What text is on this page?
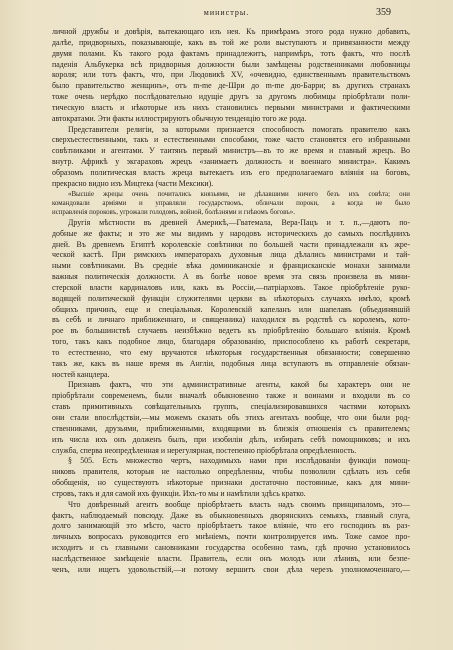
министры.	359
личной дружбы и довѣрія, вытекающаго изъ нея. Къ примѣрамъ этого рода нужно добавить,
далѣе, придворныхъ, показывающіе, какъ въ той же роли выступаютъ и привязанности между
двумя полами. Къ такого рода фактамъ принадлежитъ, напримѣръ, тотъ фактъ, что послѣ
паденія Альбукерка всѣ придворныя должности были замѣщены родственниками любовницы
короля; или тотъ фактъ, что, при Людовикѣ XV, «очевидно, единственнымъ правительствомъ
было правительство женщинъ», отъ m-me де-Шри до m-me дю-Барри; въ другихъ странахъ
тоже очень нерѣдко послѣдовательно идущіе другъ за другомъ любимцы пріобрѣтали поли-
тическую власть и нѣкоторые изъ нихъ становились первыми министрами и фактическими
автократами. Эти факты иллюстрируютъ обычную тенденцію того же рода.
Представители религіи, за которыми признается способность помогать правителю какъ
сверхъестественными, такъ и естественными способами, тоже часто становятся его избранными
совѣтниками и агентами. У таитянъ первый министръ—въ то же время и главный жрецъ. Во
внутр. Африкѣ у экгараховъ жрецъ «занимаетъ должность и военнаго министра». Какимъ
образомъ политическая власть жреца вытекаетъ изъ его предполагаемаго вліянія на боговъ,
прекрасно видно изъ Мицтека (части Мексики).
«Высшіе жрецы очень почитались князьями, не дѣлавшими ничего безъ ихъ совѣта; они
командовали арміями и управляли государствомъ, обличали пороки, а когда не было
исправленія пороковъ, угрожали голодомъ, войной, болѣзнями и гнѣвомъ боговъ».
Другія мѣстности въ древней Америкѣ,—Гватемала, Вера-Пацъ и т. п.,—даютъ по-
добные же факты; и это же мы видимъ у народовъ историческихъ до самыхъ послѣднихъ
дней. Въ древнемъ Египтѣ королевскіе совѣтники по большей части принадлежали къ жре-
ческой кастѣ. При римскихъ императорахъ духовныя лица дѣлались министрами и тай-
ными совѣтниками. Въ средніе вѣка доминиканскіе и францисканскіе монахи занимали
важныя политическія должности. А въ болѣе новое время эта связь произвела въ мини-
стерской власти кардиналовъ или, какъ въ Россіи,—патріарховъ. Такое пріобрѣтеніе руко-
водящей политической функціи служителями церкви въ нѣкоторыхъ случаяхъ имѣло, кромѣ
общихъ причинъ, еще и спеціальныя. Королевскій капеланъ или шапелавъ (объединявшій
въ себѣ и личнаго приближеннаго, и священника) находился въ родствѣ съ королемъ, кото-
рое въ большинствѣ случаевъ неизбѣжно ведетъ къ пріобрѣтенію большаго вліянія. Кромѣ
того, такъ какъ подобное лицо, благодаря образованію, приспособлено къ работѣ секретаря,
то естественно, что ему вручаются нѣкоторыя государственныя обязанности; совершенно
такъ же, какъ въ наше время въ Англіи, подобныя лица вступаютъ въ отправленіе обязан-
ностей канцлера.
Признавъ фактъ, что эти административные агенты, какой бы характеръ они не
пріобрѣтали современемъ, были вначалѣ обыкновенно также и воинами и входили въ со
ставъ примитивныхъ совѣщательныхъ группъ, спеціализировавшихся частями которыхъ
они стали впослѣдствіи,—мы можемъ сказать объ этихъ агентахъ вообще, что они были род-
ственниками, друзьями, приближенными, входящими въ близкія отношенія съ правителемъ;
изъ числа ихъ онъ долженъ былъ, при изобиліи дѣлъ, избирать себѣ помощниковъ; и ихъ
служба, сперва неопредѣленная и нерегулярная, постепенно пріобрѣтала опредѣленность.
§ 505. Есть множество чертъ, находимыхъ нами при изслѣдованіи функціи помощ-
никовъ правителя, которыя не настолько опредѣленны, чтобы позволили сдѣлать изъ себя
обобщенія, но существуютъ нѣкоторые признаки достаточно постоянные, какъ для мини-
стровъ, такъ и для самой ихъ функціи. Ихъ-то мы и намѣтили здѣсь кратко.
Что довѣренный агентъ вообще пріобрѣтаетъ власть надъ своимъ принципаломъ, это—
фактъ, наблюдаемый повсюду. Даже въ обыкновенныхъ дворянскихъ семьяхъ, главный слуга,
долго занимающій это мѣсто, часто пріобрѣтаетъ такое вліяніе, что его господинъ въ раз-
личныхъ вопросахъ руководится его мнѣніемъ, почти контролируется имъ. Тоже самое про-
исходитъ и съ главными сановниками государства особенно тамъ, гдѣ прочно установилось
наслѣдственное замѣщеніе власти. Правитель, если онъ молодъ или лѣнивъ, или безпе-
ченъ, или ищетъ удовольствій,—и потому вершитъ свои дѣла черезъ уполномоченнаго,—
